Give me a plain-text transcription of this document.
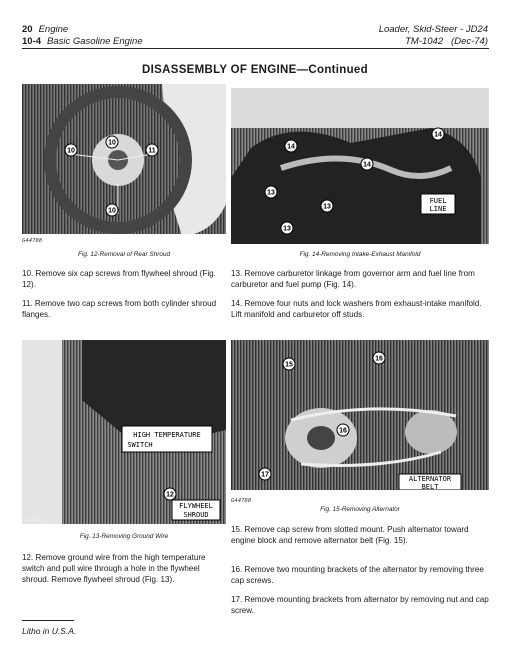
20 Engine
10-4 Basic Gasoline Engine
Loader, Skid-Steer - JD24
TM-1042 (Dec-74)
DISASSEMBLY OF ENGINE—Continued
10
10	11
10
G44788
Fig. 12-Removal of Rear Shroud
14
14
14
13
13
13
FUEL
LINE
Fig. 14-Removing Intake-Exhaust Manifold
10. Remove six cap screws from flywheel shroud (Fig. 12).
11. Remove two cap screws from both cylinder shroud flanges.
13. Remove carburetor linkage from governor arm and fuel line from carburetor and fuel pump (Fig. 14).
14. Remove four nuts and lock washers from exhaust-intake manifold. Lift manifold and carburetor off studs.
HIGH TEMPERATURE
SWITCH
FLYWHEEL
SHROUD
12
G44789
Fig. 13-Removing Ground Wire
ALTERNATOR
BELT
15
16
16
17
G44788
Fig. 15-Removing Alternator
12. Remove ground wire from the high temperature switch and pull wire through a hole in the flywheel shroud. Remove flywheel shroud (Fig. 13).
15. Remove cap screw from slotted mount. Push alternator toward engine block and remove alternator belt (Fig. 15).
16. Remove two mounting brackets of the alternator by removing three cap screws.
17. Remove mounting brackets from alternator by removing nut and cap screw.
Litho in U.S.A.
